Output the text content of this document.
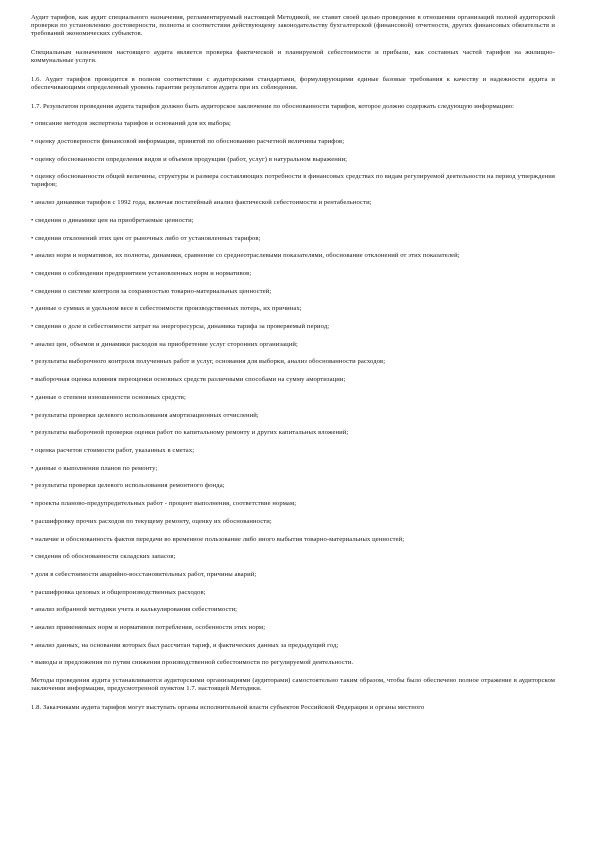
Аудит тарифов, как аудит специального назначения, регламентируемый настоящей Методикой, не ставит своей целью проведение в отношении организаций полной аудиторской проверки по установлению достоверности, полноты и соответствия действующему законодательству бухгалтерской (финансовой) отчетности, других финансовых обязательств и требований экономических субъектов.

Специальным назначением настоящего аудита является проверка фактической и планируемой себестоимости и прибыли, как составных частей тарифов на жилищно-коммунальные услуги.

1.6. Аудит тарифов проводится в полном соответствии с аудиторскими стандартами, формулирующими единые базовые требования к качеству и надежности аудита и обеспечивающими определенный уровень гарантии результатов аудита при их соблюдении.

1.7. Результатом проведения аудита тарифов должно быть аудиторское заключение по обоснованности тарифов, которое должно содержать следующую информацию:

• описание методов экспертизы тарифов и оснований для их выбора;

• оценку достоверности финансовой информации, принятой по обоснованию расчетной величины тарифов;

• оценку обоснованности определения видов и объемов продукции (работ, услуг) в натуральном выражении;

• оценку обоснованности общей величины, структуры и размера составляющих потребности в финансовых средствах по видам регулируемой деятельности на период утверждения тарифов;

• анализ динамики тарифов с 1992 года, включая постатейный анализ фактической себестоимости и рентабельности;

• сведения о динамике цен на приобретаемые ценности;

• сведения отклонений этих цен от рыночных либо от установленных тарифов;

• анализ норм и нормативов, их полноты, динамики, сравнение со среднеотраслевыми показателями, обоснование отклонений от этих показателей;

• сведения о соблюдении предприятием установленных норм и нормативов;

• сведения о системе контроля за сохранностью товарно-материальных ценностей;

• данные о суммах и удельном весе в себестоимости производственных потерь, их причинах;

• сведения о доле в себестоимости затрат на энергоресурсы, динамика тарифа за проверяемый период;

• анализ цен, объемов и динамики расходов на приобретение услуг сторонних организаций;

• результаты выборочного контроля полученных работ и услуг, основания для выборки, анализ обоснованности расходов;

• выборочная оценка влияния переоценки основных средств различными способами на сумму амортизации;

• данные о степени изношенности основных средств;

• результаты проверки целевого использования амортизационных отчислений;

• результаты выборочной проверки оценки работ по капитальному ремонту и других капитальных вложений;

• оценка расчетов стоимости работ, указанных в сметах;

• данные о выполнении планов по ремонту;

• результаты проверки целевого использования ремонтного фонда;

• проекты планово-предупредительных работ - процент выполнения, соответствие нормам;

• расшифровку прочих расходов по текущему ремонту, оценку их обоснованности;

• наличие и обоснованность фактов передачи во временное пользование либо иного выбытия товарно-материальных ценностей;

• сведения об обоснованности складских запасов;

• доля в себестоимости аварийно-восстановительных работ, причины аварий;

• расшифровка цеховых и общепроизводственных расходов;

• анализ избранной методики учета и калькулирования себестоимости;

• анализ применяемых норм и нормативов потребления, особенности этих норм;

• анализ данных, на основании которых был рассчитан тариф, и фактических данных за предыдущий год;

• выводы и предложения по путям снижения производственной себестоимости по регулируемой деятельности.

Методы проведения аудита устанавливаются аудиторскими организациями (аудиторами) самостоятельно таким образом, чтобы было обеспечено полное отражение в аудиторском заключении информации, предусмотренной пунктом 1.7. настоящей Методики.

1.8. Заказчиками аудита тарифов могут выступать органы исполнительной власти субъектов Российской Федерации и органы местного
